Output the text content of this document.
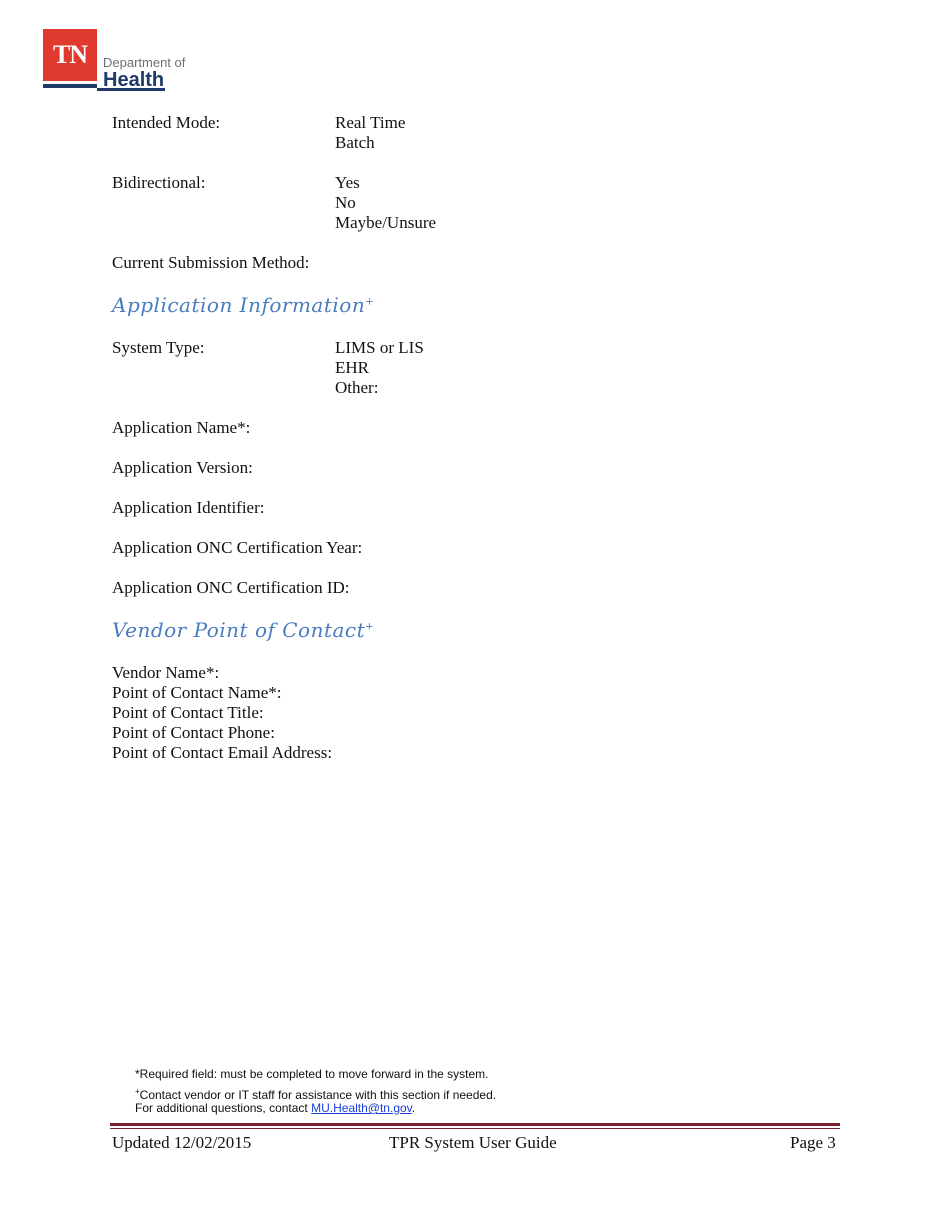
TN	Department of
Health
Intended Mode:	Real Time
Batch
Bidirectional:	Yes
No
Maybe/Unsure
Current Submission Method:
Application Information+
System Type:	LIMS or LIS
EHR
Other:
Application Name*:
Application Version:
Application Identifier:
Application ONC Certification Year:
Application ONC Certification ID:
Vendor Point of Contact+
Vendor Name*:
Point of Contact Name*:
Point of Contact Title:
Point of Contact Phone:
Point of Contact Email Address:
*Required field: must be completed to move forward in the system.
+Contact vendor or IT staff for assistance with this section if needed.
For additional questions, contact MU.Health@tn.gov.
Updated 12/02/2015	TPR System User Guide	Page 3
